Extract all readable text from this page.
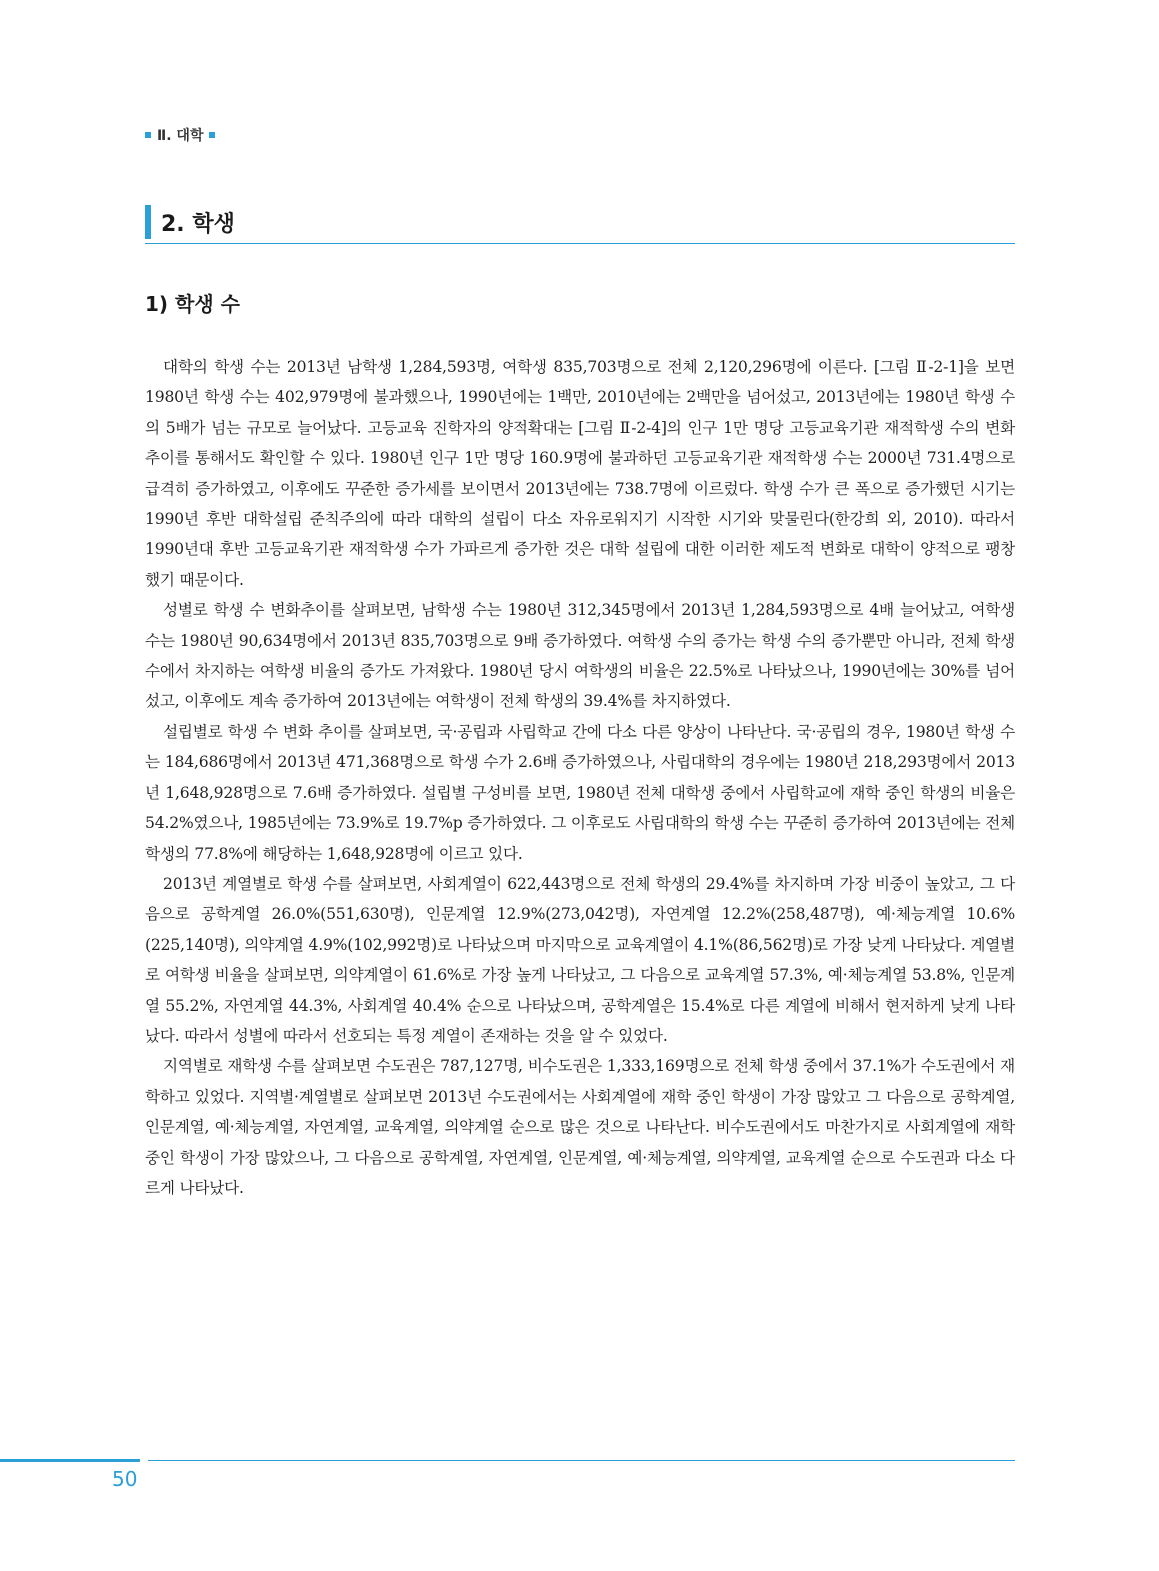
Ⅱ. 대학
2. 학생
1) 학생 수

대학의 학생 수는 2013년 남학생 1,284,593명, 여학생 835,703명으로 전체 2,120,296명에 이른다. [그림 Ⅱ-2-1]을 보면 1980년 학생 수는 402,979명에 불과했으나, 1990년에는 1백만, 2010년에는 2백만을 넘어섰고, 2013년에는 1980년 학생 수의 5배가 넘는 규모로 늘어났다. 고등교육 진학자의 양적확대는 [그림 Ⅱ-2-4]의 인구 1만 명당 고등교육기관 재적학생 수의 변화 추이를 통해서도 확인할 수 있다. 1980년 인구 1만 명당 160.9명에 불과하던 고등교육기관 재적학생 수는 2000년 731.4명으로 급격히 증가하였고, 이후에도 꾸준한 증가세를 보이면서 2013년에는 738.7명에 이르렀다. 학생 수가 큰 폭으로 증가했던 시기는 1990년 후반 대학설립 준칙주의에 따라 대학의 설립이 다소 자유로워지기 시작한 시기와 맞물린다(한강희 외, 2010). 따라서 1990년대 후반 고등교육기관 재적학생 수가 가파르게 증가한 것은 대학 설립에 대한 이러한 제도적 변화로 대학이 양적으로 팽창했기 때문이다.

성별로 학생 수 변화추이를 살펴보면, 남학생 수는 1980년 312,345명에서 2013년 1,284,593명으로 4배 늘어났고, 여학생 수는 1980년 90,634명에서 2013년 835,703명으로 9배 증가하였다. 여학생 수의 증가는 학생 수의 증가뿐만 아니라, 전체 학생 수에서 차지하는 여학생 비율의 증가도 가져왔다. 1980년 당시 여학생의 비율은 22.5%로 나타났으나, 1990년에는 30%를 넘어섰고, 이후에도 계속 증가하여 2013년에는 여학생이 전체 학생의 39.4%를 차지하였다.

설립별로 학생 수 변화 추이를 살펴보면, 국·공립과 사립학교 간에 다소 다른 양상이 나타난다. 국·공립의 경우, 1980년 학생 수는 184,686명에서 2013년 471,368명으로 학생 수가 2.6배 증가하였으나, 사립대학의 경우에는 1980년 218,293명에서 2013년 1,648,928명으로 7.6배 증가하였다. 설립별 구성비를 보면, 1980년 전체 대학생 중에서 사립학교에 재학 중인 학생의 비율은 54.2%였으나, 1985년에는 73.9%로 19.7%p 증가하였다. 그 이후로도 사립대학의 학생 수는 꾸준히 증가하여 2013년에는 전체 학생의 77.8%에 해당하는 1,648,928명에 이르고 있다.

2013년 계열별로 학생 수를 살펴보면, 사회계열이 622,443명으로 전체 학생의 29.4%를 차지하며 가장 비중이 높았고, 그 다음으로 공학계열 26.0%(551,630명), 인문계열 12.9%(273,042명), 자연계열 12.2%(258,487명), 예·체능계열 10.6%(225,140명), 의약계열 4.9%(102,992명)로 나타났으며 마지막으로 교육계열이 4.1%(86,562명)로 가장 낮게 나타났다. 계열별로 여학생 비율을 살펴보면, 의약계열이 61.6%로 가장 높게 나타났고, 그 다음으로 교육계열 57.3%, 예·체능계열 53.8%, 인문계열 55.2%, 자연계열 44.3%, 사회계열 40.4% 순으로 나타났으며, 공학계열은 15.4%로 다른 계열에 비해서 현저하게 낮게 나타났다. 따라서 성별에 따라서 선호되는 특정 계열이 존재하는 것을 알 수 있었다.

지역별로 재학생 수를 살펴보면 수도권은 787,127명, 비수도권은 1,333,169명으로 전체 학생 중에서 37.1%가 수도권에서 재학하고 있었다. 지역별·계열별로 살펴보면 2013년 수도권에서는 사회계열에 재학 중인 학생이 가장 많았고 그 다음으로 공학계열, 인문계열, 예·체능계열, 자연계열, 교육계열, 의약계열 순으로 많은 것으로 나타난다. 비수도권에서도 마찬가지로 사회계열에 재학 중인 학생이 가장 많았으나, 그 다음으로 공학계열, 자연계열, 인문계열, 예·체능계열, 의약계열, 교육계열 순으로 수도권과 다소 다르게 나타났다.

50
